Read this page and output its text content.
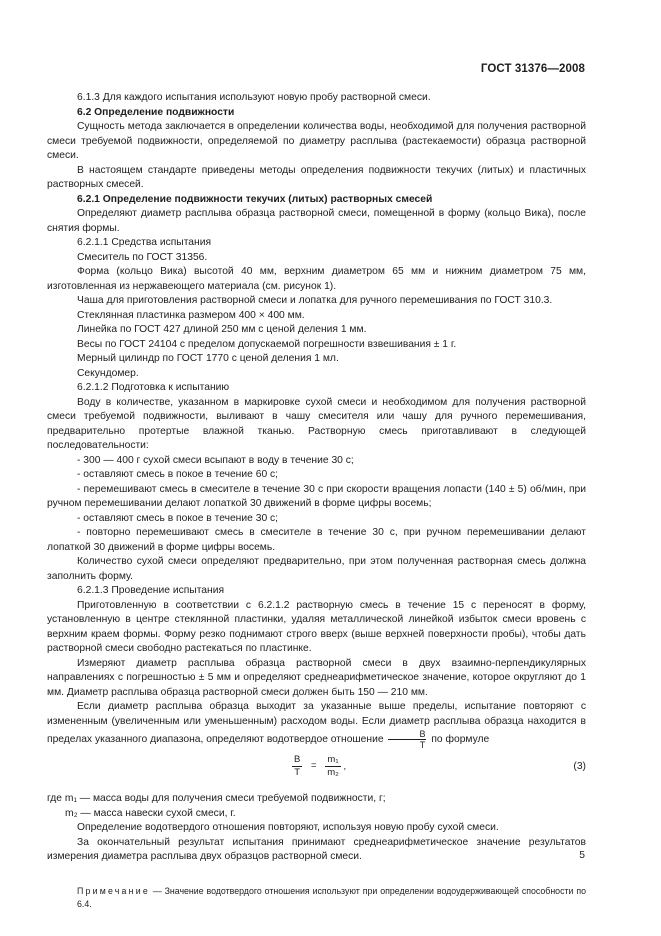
ГОСТ 31376—2008

6.1.3 Для каждого испытания используют новую пробу растворной смеси.

6.2 Определение подвижности

Сущность метода заключается в определении количества воды, необходимой для получения растворной смеси требуемой подвижности, определяемой по диаметру расплыва (растекаемости) образца растворной смеси.

В настоящем стандарте приведены методы определения подвижности текучих (литых) и пластичных растворных смесей.

6.2.1 Определение подвижности текучих (литых) растворных смесей

Определяют диаметр расплыва образца растворной смеси, помещенной в форму (кольцо Вика), после снятия формы.

6.2.1.1 Средства испытания

Смеситель по ГОСТ 31356.

Форма (кольцо Вика) высотой 40 мм, верхним диаметром 65 мм и нижним диаметром 75 мм, изготовленная из нержавеющего материала (см. рисунок 1).

Чаша для приготовления растворной смеси и лопатка для ручного перемешивания по ГОСТ 310.3.

Стеклянная пластинка размером 400 × 400 мм.

Линейка по ГОСТ 427 длиной 250 мм с ценой деления 1 мм.

Весы по ГОСТ 24104 с пределом допускаемой погрешности взвешивания ± 1 г.

Мерный цилиндр по ГОСТ 1770 с ценой деления 1 мл.

Секундомер.

6.2.1.2 Подготовка к испытанию

Воду в количестве, указанном в маркировке сухой смеси и необходимом для получения растворной смеси требуемой подвижности, выливают в чашу смесителя или чашу для ручного перемешивания, предварительно протертые влажной тканью. Растворную смесь приготавливают в следующей последовательности:

- 300 — 400 г сухой смеси всыпают в воду в течение 30 с;

- оставляют смесь в покое в течение 60 с;

- перемешивают смесь в смесителе в течение 30 с при скорости вращения лопасти (140 ± 5) об/мин, при ручном перемешивании делают лопаткой 30 движений в форме цифры восемь;

- оставляют смесь в покое в течение 30 с;

- повторно перемешивают смесь в смесителе в течение 30 с, при ручном перемешивании делают лопаткой 30 движений в форме цифры восемь.

Количество сухой смеси определяют предварительно, при этом полученная растворная смесь должна заполнить форму.

6.2.1.3 Проведение испытания

Приготовленную в соответствии с 6.2.1.2 растворную смесь в течение 15 с переносят в форму, установленную в центре стеклянной пластинки, удаляя металлической линейкой избыток смеси вровень с верхним краем формы. Форму резко поднимают строго вверх (выше верхней поверхности пробы), чтобы дать растворной смеси свободно растекаться по пластинке.

Измеряют диаметр расплыва образца растворной смеси в двух взаимно-перпендикулярных направлениях с погрешностью ± 5 мм и определяют среднеарифметическое значение, которое округляют до 1 мм. Диаметр расплыва образца растворной смеси должен быть 150 — 210 мм.

Если диаметр расплыва образца выходит за указанные выше пределы, испытание повторяют с измененным (увеличенным или уменьшенным) расходом воды. Если диаметр расплыва образца находится в пределах указанного диапазона, определяют водотвердое отношение $\frac{В}{Т}$ по формуле

$\frac{В}{Т} = \frac{\text{m₁}}{\text{m₂}}$ ,	(3)

где m₁ — масса воды для получения смеси требуемой подвижности, г;

m₂ — масса навески сухой смеси, г.

Определение водотвердого отношения повторяют, используя новую пробу сухой смеси.

За окончательный результат испытания принимают среднеарифметическое значение результатов измерения диаметра расплыва двух образцов растворной смеси.

Примечание — Значение водотвердого отношения используют при определении водоудерживающей способности по 6.4.

5
